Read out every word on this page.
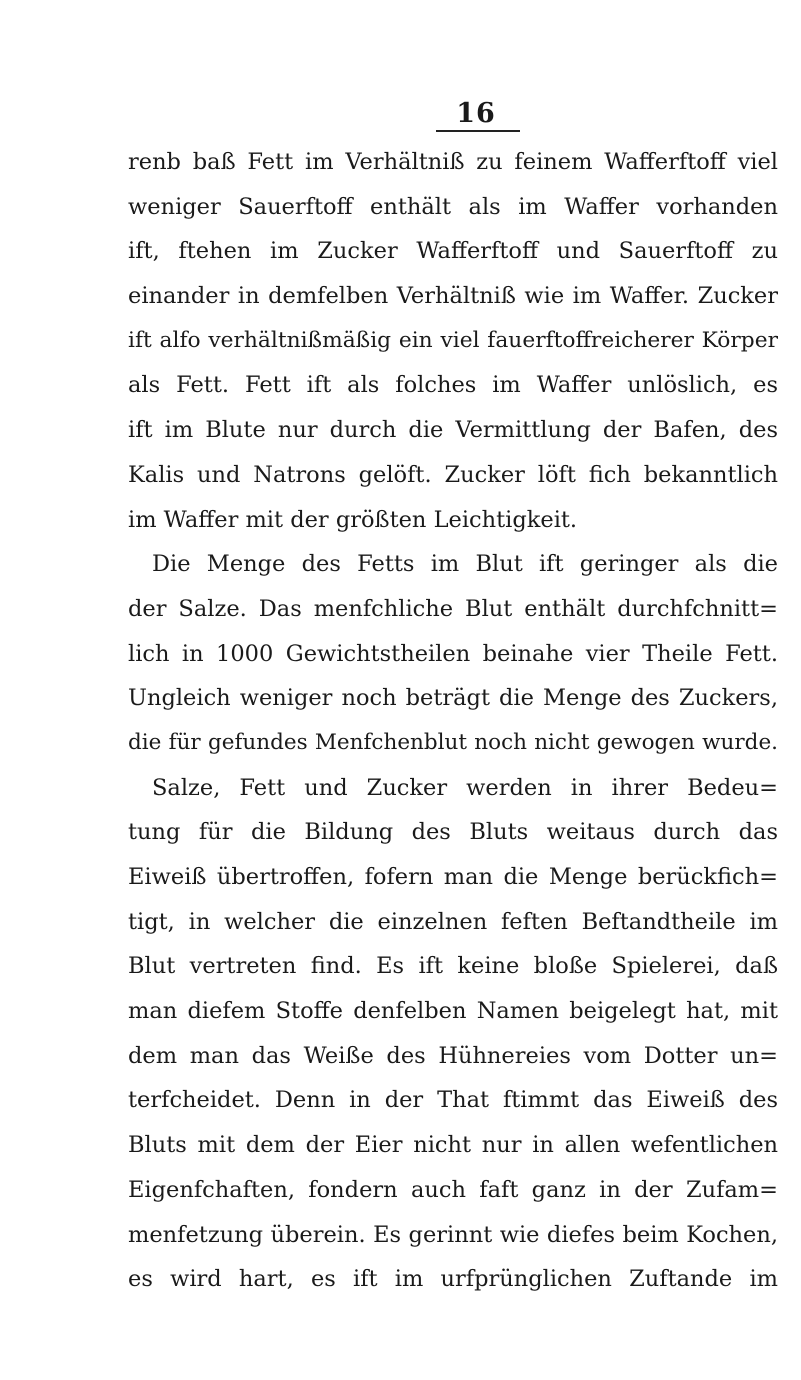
16
renb baß Fett im Verhältniß zu feinem Wafferftoff viel
weniger Sauerftoff enthält als im Waffer vorhanden
ift, ftehen im Zucker Wafferftoff und Sauerftoff zu
einander in demfelben Verhältniß wie im Waffer. Zucker
ift alfo verhältnißmäßig ein viel fauerftoffreicherer Körper
als Fett. Fett ift als folches im Waffer unlöslich, es
ift im Blute nur durch die Vermittlung der Bafen, des
Kalis und Natrons gelöft. Zucker löft fich bekanntlich
im Waffer mit der größten Leichtigkeit.
Die Menge des Fetts im Blut ift geringer als die
der Salze. Das menfchliche Blut enthält durchfchnitt=
lich in 1000 Gewichtstheilen beinahe vier Theile Fett.
Ungleich weniger noch beträgt die Menge des Zuckers,
die für gefundes Menfchenblut noch nicht gewogen wurde.
Salze, Fett und Zucker werden in ihrer Bedeu=
tung für die Bildung des Bluts weitaus durch das
Eiweiß übertroffen, fofern man die Menge berückfich=
tigt, in welcher die einzelnen feften Beftandtheile im
Blut vertreten find. Es ift keine bloße Spielerei, daß
man diefem Stoffe denfelben Namen beigelegt hat, mit
dem man das Weiße des Hühnereies vom Dotter un=
terfcheidet. Denn in der That ftimmt das Eiweiß des
Bluts mit dem der Eier nicht nur in allen wefentlichen
Eigenfchaften, fondern auch faft ganz in der Zufam=
menfetzung überein. Es gerinnt wie diefes beim Kochen,
es wird hart, es ift im urfprünglichen Zuftande im
